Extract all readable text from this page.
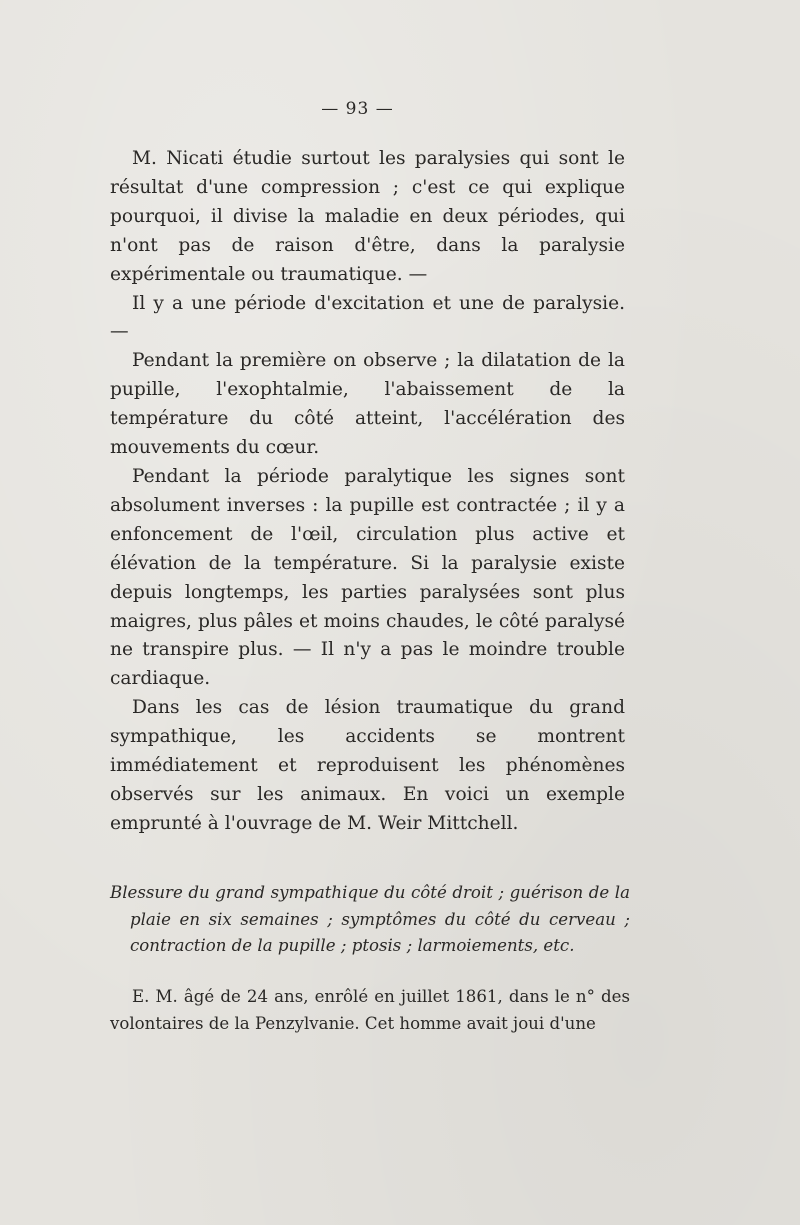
— 93 —

M. Nicati étudie surtout les paralysies qui sont le résultat d'une compression ; c'est ce qui explique pourquoi, il divise la maladie en deux périodes, qui n'ont pas de raison d'être, dans la paralysie expérimentale ou traumatique. —

Il y a une période d'excitation et une de paralysie. —

Pendant la première on observe ; la dilatation de la pupille, l'exophtalmie, l'abaissement de la température du côté atteint, l'accélération des mouvements du cœur.

Pendant la période paralytique les signes sont absolument inverses : la pupille est contractée ; il y a enfoncement de l'œil, circulation plus active et élévation de la température. Si la paralysie existe depuis longtemps, les parties paralysées sont plus maigres, plus pâles et moins chaudes, le côté paralysé ne transpire plus. — Il n'y a pas le moindre trouble cardiaque.

Dans les cas de lésion traumatique du grand sympathique, les accidents se montrent immédiatement et reproduisent les phénomènes observés sur les animaux. En voici un exemple emprunté à l'ouvrage de M. Weir Mittchell.

Blessure du grand sympathique du côté droit ; guérison de la plaie en six semaines ; symptômes du côté du cerveau ; contraction de la pupille ; ptosis ; larmoiements, etc.

E. M. âgé de 24 ans, enrôlé en juillet 1861, dans le n° des volontaires de la Penzylvanie. Cet homme avait joui d'une
